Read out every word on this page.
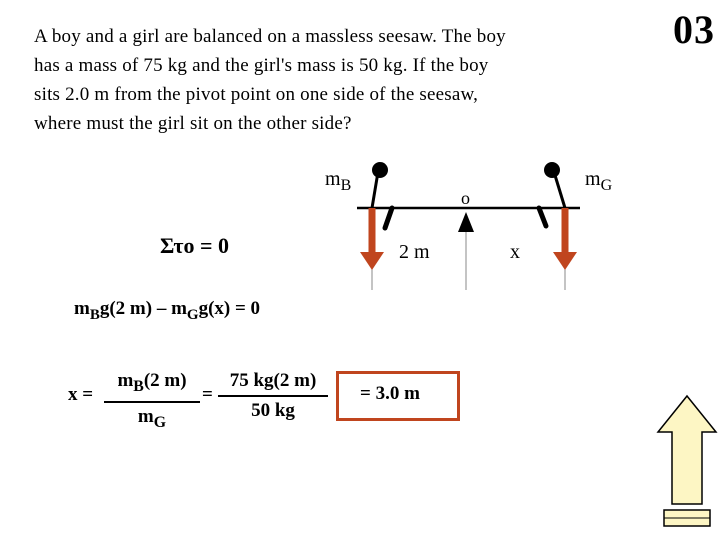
A boy and a girl are balanced on a massless seesaw. The boy
has a mass of 75 kg and the girl's mass is 50 kg. If the boy
sits 2.0 m from the pivot point on one side of the seesaw,
where must the girl sit on the other side?
03
$m_B$	$m_G$
o
2 m	x
Στo = 0
$m_Bg(2$ $m) - m_Gg(x) = 0$
x =
$m_B(2$ m)
$m_G$
=
75 kg(2 m)
50 kg
= 3.0 m
